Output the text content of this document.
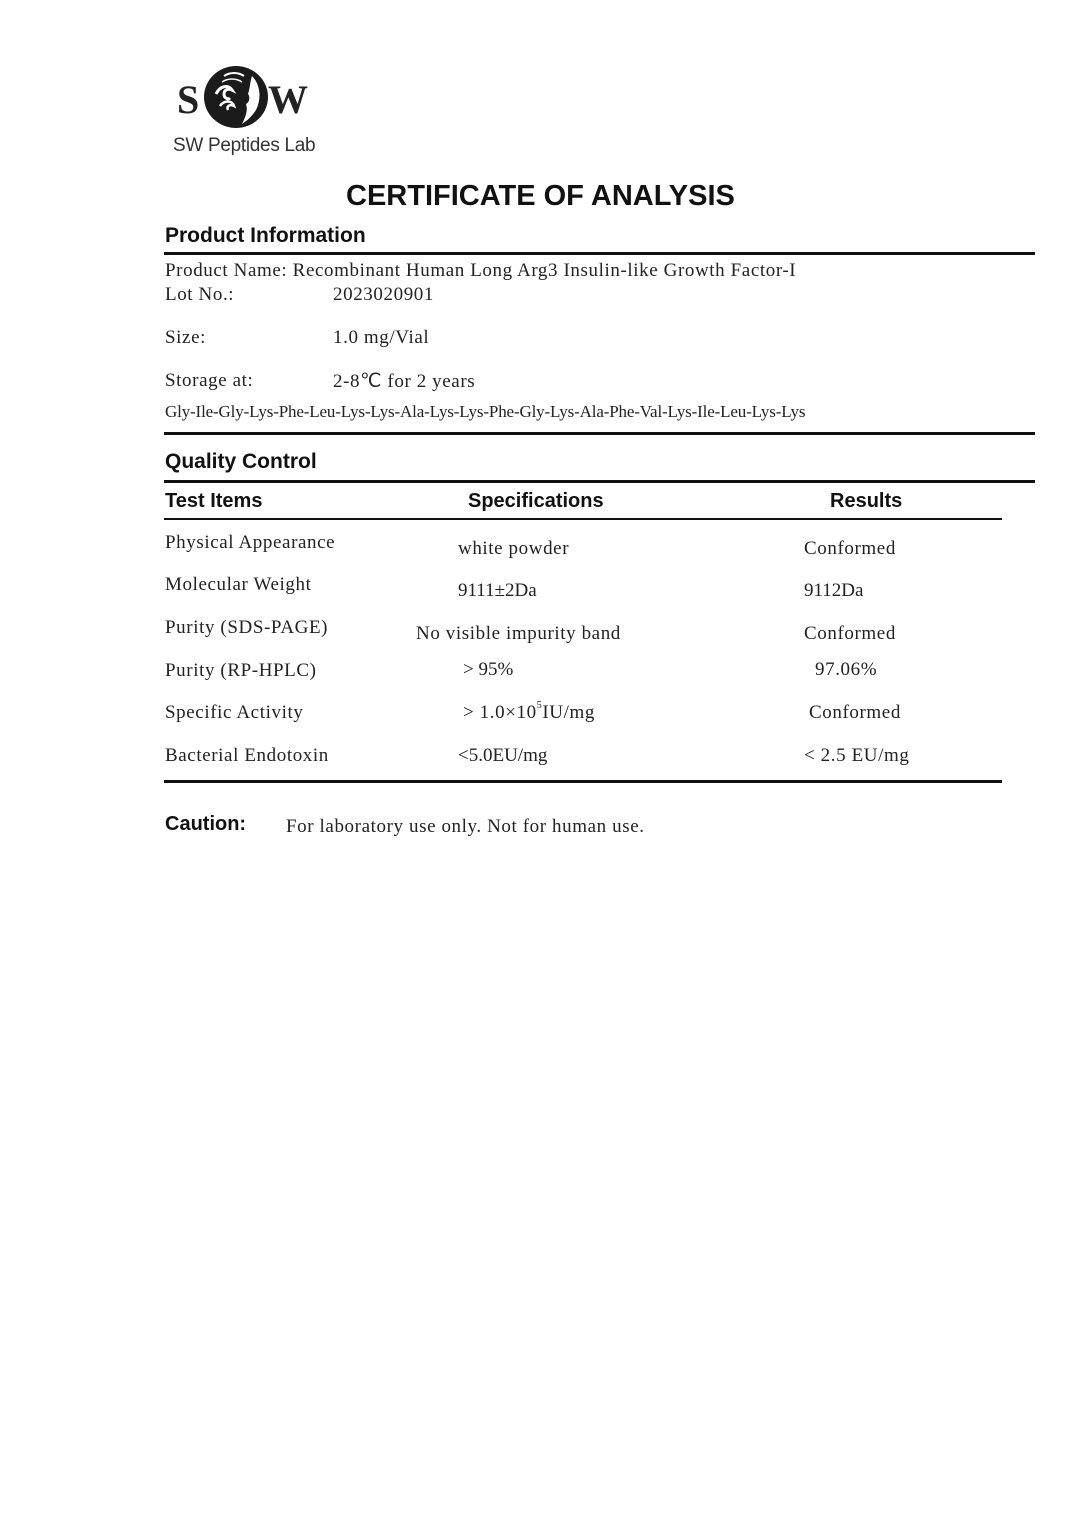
S W
SW Peptides Lab
CERTIFICATE OF ANALYSIS
Product Information
Product Name: Recombinant Human Long Arg3 Insulin-like Growth Factor-I
Lot No.:	2023020901
Size:	1.0 mg/Vial
Storage at:	2-8℃ for 2 years
Gly-Ile-Gly-Lys-Phe-Leu-Lys-Lys-Ala-Lys-Lys-Phe-Gly-Lys-Ala-Phe-Val-Lys-Ile-Leu-Lys-Lys
Quality Control
Test Items	Specifications	Results
Physical Appearance	white powder	Conformed
Molecular Weight	9111±2Da	9112Da
Purity (SDS-PAGE)	No visible impurity band	Conformed
Purity (RP-HPLC)	> 95%	97.06%
Specific Activity	> $1.0\times 10^5IU/mg$	Conformed
Bacterial Endotoxin	<5.0EU/mg	< 2.5 EU/mg
Caution: For laboratory use only. Not for human use.
